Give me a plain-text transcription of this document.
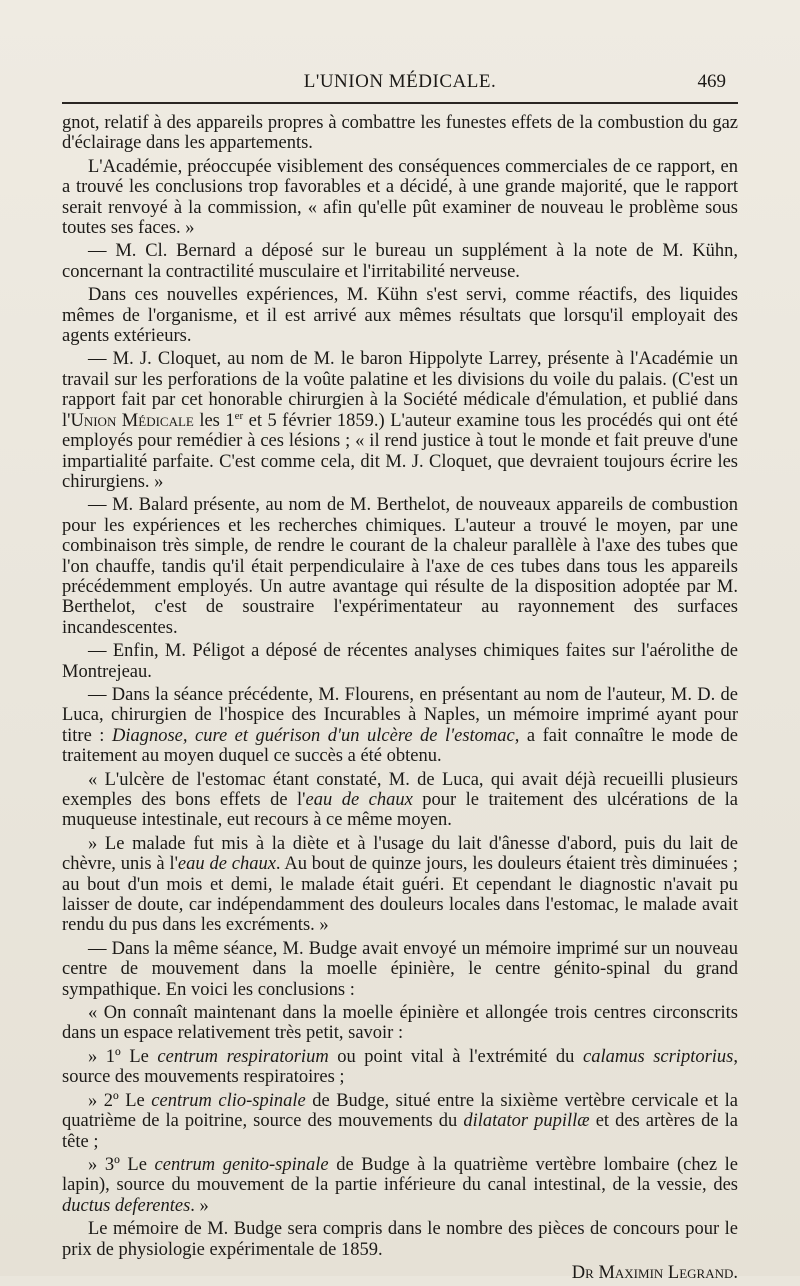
L'UNION MÉDICALE.	469

gnot, relatif à des appareils propres à combattre les funestes effets de la combustion du gaz d'éclairage dans les appartements.

L'Académie, préoccupée visiblement des conséquences commerciales de ce rapport, en a trouvé les conclusions trop favorables et a décidé, à une grande majorité, que le rapport serait renvoyé à la commission, « afin qu'elle pût examiner de nouveau le problème sous toutes ses faces. »

— M. Cl. Bernard a déposé sur le bureau un supplément à la note de M. Kühn, concernant la contractilité musculaire et l'irritabilité nerveuse.

Dans ces nouvelles expériences, M. Kühn s'est servi, comme réactifs, des liquides mêmes de l'organisme, et il est arrivé aux mêmes résultats que lorsqu'il employait des agents extérieurs.

— M. J. Cloquet, au nom de M. le baron Hippolyte Larrey, présente à l'Académie un travail sur les perforations de la voûte palatine et les divisions du voile du palais. (C'est un rapport fait par cet honorable chirurgien à la Société médicale d'émulation, et publié dans l'Union Médicale les 1er et 5 février 1859.) L'auteur examine tous les procédés qui ont été employés pour remédier à ces lésions ; « il rend justice à tout le monde et fait preuve d'une impartialité parfaite. C'est comme cela, dit M. J. Cloquet, que devraient toujours écrire les chirurgiens. »

— M. Balard présente, au nom de M. Berthelot, de nouveaux appareils de combustion pour les expériences et les recherches chimiques. L'auteur a trouvé le moyen, par une combinaison très simple, de rendre le courant de la chaleur parallèle à l'axe des tubes que l'on chauffe, tandis qu'il était perpendiculaire à l'axe de ces tubes dans tous les appareils précédemment employés. Un autre avantage qui résulte de la disposition adoptée par M. Berthelot, c'est de soustraire l'expérimentateur au rayonnement des surfaces incandescentes.

— Enfin, M. Péligot a déposé de récentes analyses chimiques faites sur l'aérolithe de Montrejeau.

— Dans la séance précédente, M. Flourens, en présentant au nom de l'auteur, M. D. de Luca, chirurgien de l'hospice des Incurables à Naples, un mémoire imprimé ayant pour titre : Diagnose, cure et guérison d'un ulcère de l'estomac, a fait connaître le mode de traitement au moyen duquel ce succès a été obtenu.

« L'ulcère de l'estomac étant constaté, M. de Luca, qui avait déjà recueilli plusieurs exemples des bons effets de l'eau de chaux pour le traitement des ulcérations de la muqueuse intestinale, eut recours à ce même moyen.

» Le malade fut mis à la diète et à l'usage du lait d'ânesse d'abord, puis du lait de chèvre, unis à l'eau de chaux. Au bout de quinze jours, les douleurs étaient très diminuées ; au bout d'un mois et demi, le malade était guéri. Et cependant le diagnostic n'avait pu laisser de doute, car indépendamment des douleurs locales dans l'estomac, le malade avait rendu du pus dans les excréments. »

— Dans la même séance, M. Budge avait envoyé un mémoire imprimé sur un nouveau centre de mouvement dans la moelle épinière, le centre génito-spinal du grand sympathique. En voici les conclusions :

« On connaît maintenant dans la moelle épinière et allongée trois centres circonscrits dans un espace relativement très petit, savoir :

» 1º Le centrum respiratorium ou point vital à l'extrémité du calamus scriptorius, source des mouvements respiratoires ;

» 2º Le centrum clio-spinale de Budge, situé entre la sixième vertèbre cervicale et la quatrième de la poitrine, source des mouvements du dilatator pupillæ et des artères de la tête ;

» 3º Le centrum genito-spinale de Budge à la quatrième vertèbre lombaire (chez le lapin), source du mouvement de la partie inférieure du canal intestinal, de la vessie, des ductus deferentes. »

Le mémoire de M. Budge sera compris dans le nombre des pièces de concours pour le prix de physiologie expérimentale de 1859.

Dr Maximin Legrand.
